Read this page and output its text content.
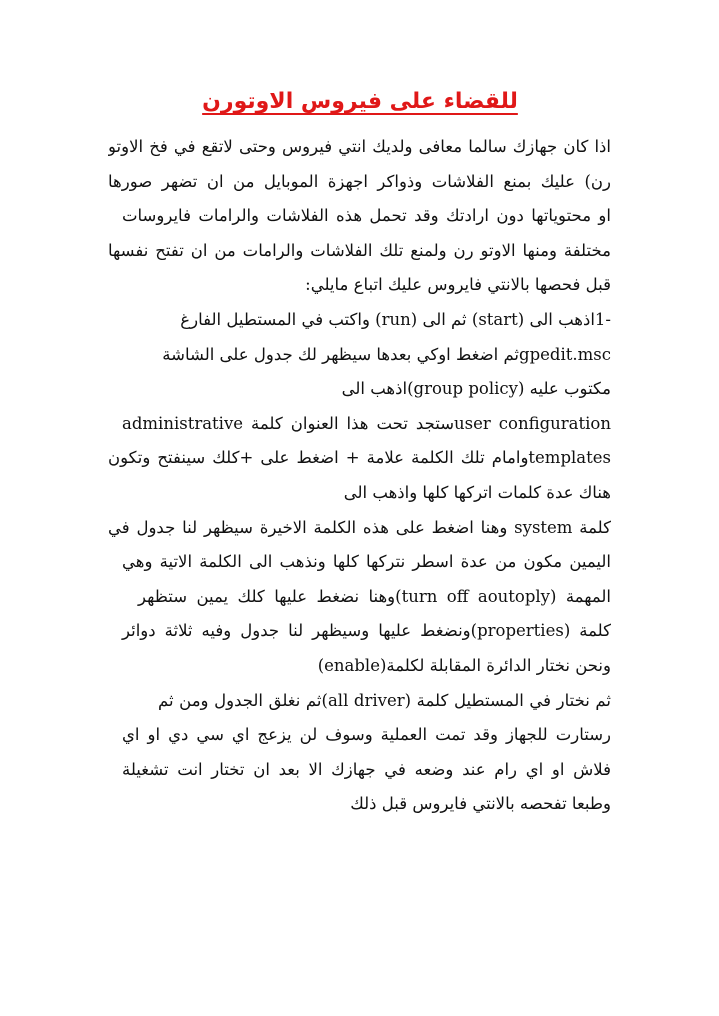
للقضاء على فيروس الاوتورن
اذا كان جهازك سالما معافى ولديك انتي فيروس وحتى لاتقع في فخ الاوتو
رن) عليك بمنع الفلاشات وذواكر اجهزة الموبايل من ان تضهر صورها
او محتوياتها دون ارادتك وقد تحمل هذه الفلاشات والرامات فايروسات
مختلفة ومنها الاوتو رن ولمنع تلك الفلاشات والرامات من ان تفتح نفسها
قبل فحصها بالانتي فايروس عليك اتباع مايلي:
-1اذهب الى (start) ثم الى (run) واكتب في المستطيل الفارغ
gpedit.mscثم اضغط اوكي بعدها سيظهر لك جدول على الشاشة
مكتوب عليه (group policy)اذهب الى
user configurationستجد تحت هذا العنوان كلمة administrative
templatesوامام تلك الكلمة علامة + اضغط على +كلك سينفتح وتكون
هناك عدة كلمات اتركها كلها واذهب الى
كلمة system وهنا اضغط على هذه الكلمة الاخيرة سيظهر لنا جدول في
اليمين مكون من عدة اسطر نتركها كلها ونذهب الى الكلمة الاتية وهي
المهمة (turn off aoutoply)وهنا نضغط عليها كلك يمين ستظهر
كلمة (properties)ونضغط عليها وسيظهر لنا جدول وفيه ثلاثة دوائر
ونحن نختار الدائرة المقابلة لكلمة(enable)
ثم نختار في المستطيل كلمة (all driver)ثم نغلق الجدول ومن ثم
رستارت للجهاز وقد تمت العملية وسوف لن يزعج اي سي دي او اي
فلاش او اي رام عند وضعه في جهازك الا بعد ان تختار انت تشغيلة
وطبعا تفحصه بالانتي فايروس قبل ذلك
